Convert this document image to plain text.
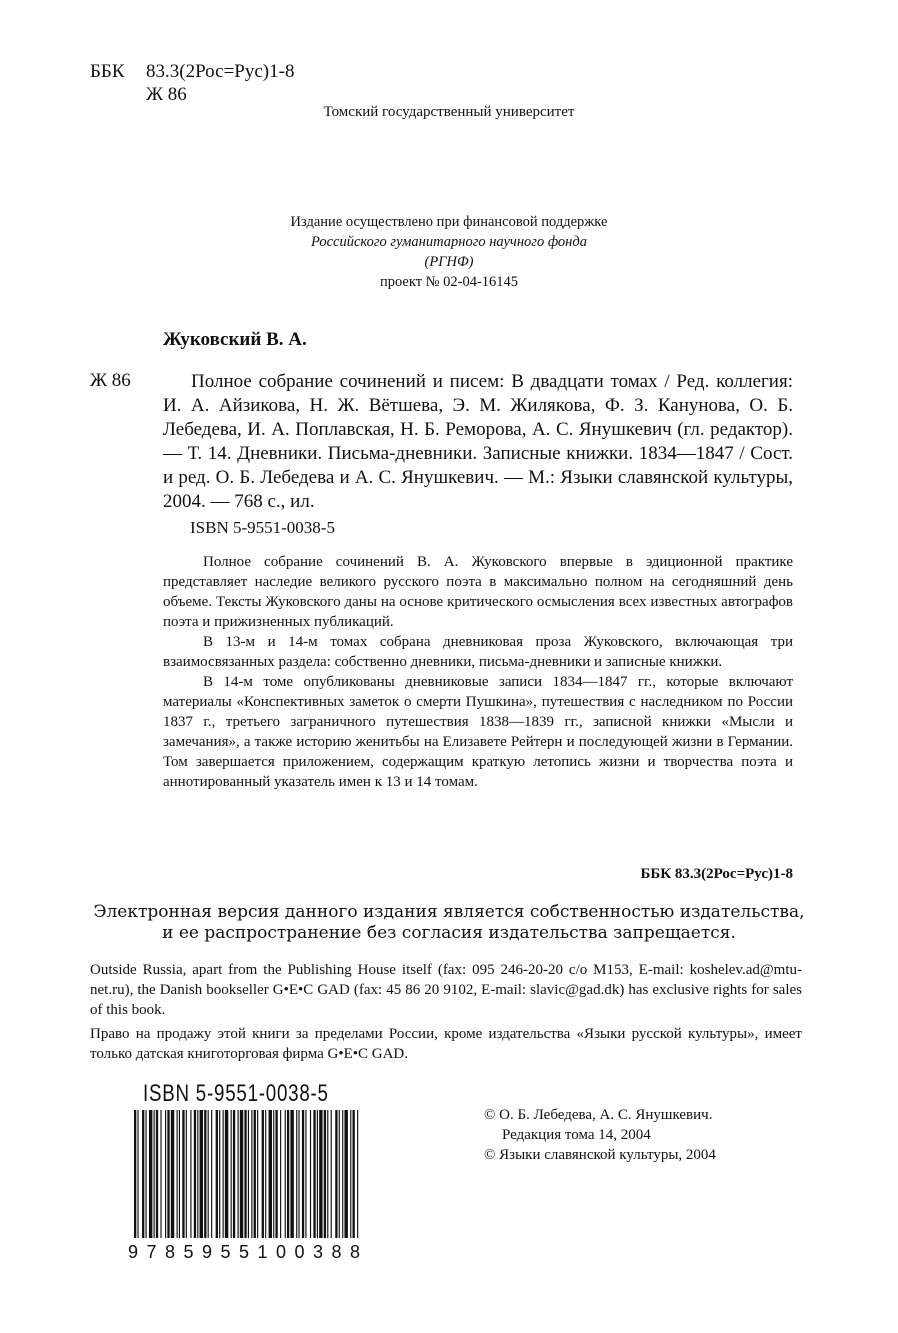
ББК 83.3(2Рос=Рус)1-8
Ж 86
Томский государственный университет
Издание осуществлено при финансовой поддержке
Российского гуманитарного научного фонда
(РГНФ)
проект № 02-04-16145
Жуковский В. А.
Ж 86	Полное собрание сочинений и писем: В двадцати томах / Ред. коллегия: И. А. Айзикова, Н. Ж. Вётшева, Э. М. Жилякова, Ф. З. Канунова, О. Б. Лебедева, И. А. Поплавская, Н. Б. Реморова, А. С. Янушкевич (гл. редактор). — Т. 14. Дневники. Письма-дневники. Записные книжки. 1834—1847 / Сост. и ред. О. Б. Лебедева и А. С. Янушкевич. — М.: Языки славянской культуры, 2004. — 768 с., ил.
ISBN 5-9551-0038-5

Полное собрание сочинений В. А. Жуковского впервые в эдиционной практике представляет наследие великого русского поэта в максимально полном на сегодняшний день объеме. Тексты Жуковского даны на основе критического осмысления всех известных автографов поэта и прижизненных публикаций.

В 13-м и 14-м томах собрана дневниковая проза Жуковского, включающая три взаимосвязанных раздела: собственно дневники, письма-дневники и записные книжки.

В 14-м томе опубликованы дневниковые записи 1834—1847 гг., которые включают материалы «Конспективных заметок о смерти Пушкина», путешествия с наследником по России 1837 г., третьего заграничного путешествия 1838—1839 гг., записной книжки «Мысли и замечания», а также историю женитьбы на Елизавете Рейтерн и последующей жизни в Германии. Том завершается приложением, содержащим краткую летопись жизни и творчества поэта и аннотированный указатель имен к 13 и 14 томам.

ББК 83.3(2Рос=Рус)1-8
Электронная версия данного издания является собственностью издательства,
и ее распространение без согласия издательства запрещается.
Outside Russia, apart from the Publishing House itself (fax: 095 246-20-20 c/o M153, E-mail: koshelev.ad@mtu-net.ru), the Danish bookseller G•E•C GAD (fax: 45 86 20 9102, E-mail: slavic@gad.dk) has exclusive rights for sales of this book.
Право на продажу этой книги за пределами России, кроме издательства «Языки русской культуры», имеет только датская книготорговая фирма G•E•C GAD.
ISBN 5-9551-0038-5
9785955100388
© О. Б. Лебедева, А. С. Янушкевич.
Редакция тома 14, 2004
© Языки славянской культуры, 2004
